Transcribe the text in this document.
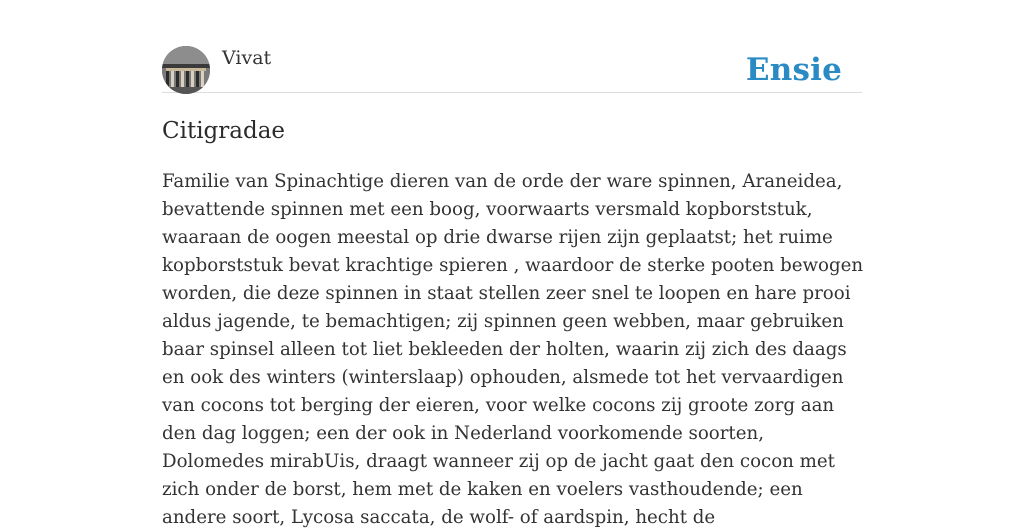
Vivat	Ensie
Citigradae

Familie van Spinachtige dieren van de orde der ware spinnen, Araneidea, bevattende spinnen met een boog, voorwaarts versmald kopborststuk, waaraan de oogen meestal op drie dwarse rijen zijn geplaatst; het ruime kopborststuk bevat krachtige spieren , waardoor de sterke pooten bewogen worden, die deze spinnen in staat stellen zeer snel te loopen en hare prooi aldus jagende, te bemachtigen; zij spinnen geen webben, maar gebruiken baar spinsel alleen tot liet bekleeden der holten, waarin zij zich des daags en ook des winters (winterslaap) ophouden, alsmede tot het vervaardigen van cocons tot berging der eieren, voor welke cocons zij groote zorg aan den dag loggen; een der ook in Nederland voorkomende soorten, Dolomedes mirabUis, draagt wanneer zij op de jacht gaat den cocon met zich onder de borst, hem met de kaken en voelers vasthoudende; een andere soort, Lycosa saccata, de wolf- of aardspin, hecht de
